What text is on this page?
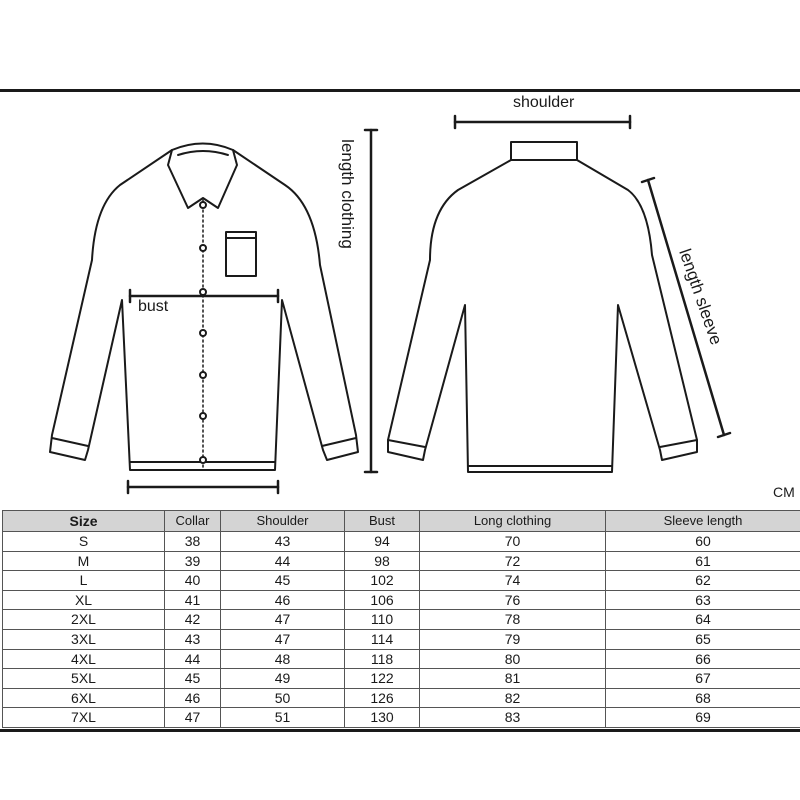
length clothing
bust
shoulder
length sleeve
CM
Size	Collar	Shoulder	Bust	Long clothing	Sleeve length
S	38	43	94	70	60
M	39	44	98	72	61
L	40	45	102	74	62
XL	41	46	106	76	63
2XL	42	47	110	78	64
3XL	43	47	114	79	65
4XL	44	48	118	80	66
5XL	45	49	122	81	67
6XL	46	50	126	82	68
7XL	47	51	130	83	69
